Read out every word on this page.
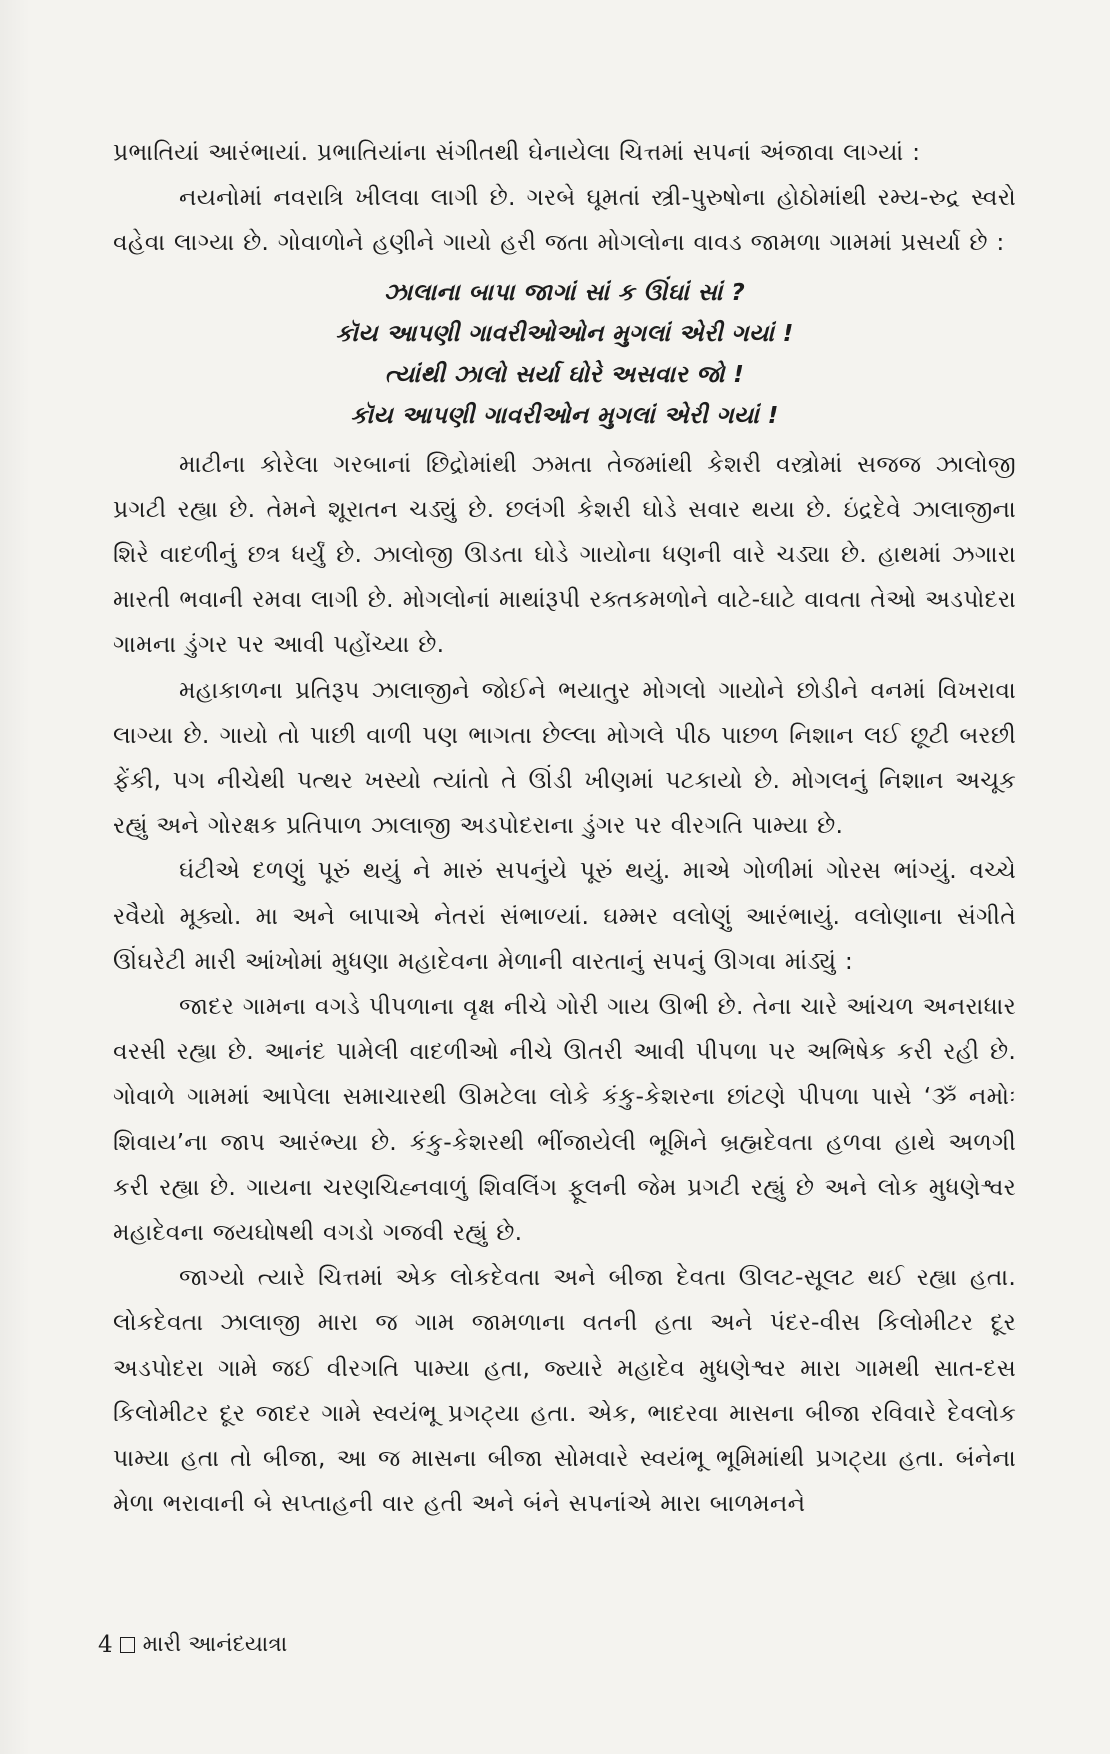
પ્રભાતિયાં આરંભાયાં. પ્રભાતિયાંના સંગીતથી ઘેનાયેલા ચિત્તમાં સપનાં અંજાવા લાગ્યાં :

નયનોમાં નવરાત્રિ ખીલવા લાગી છે. ગરબે ઘૂમતાં સ્ત્રી-પુરુષોના હોઠોમાંથી રમ્ય-રુદ્ર સ્વરો વહેવા લાગ્યા છે. ગોવાળોને હણીને ગાયો હરી જતા મોગલોના વાવડ જામળા ગામમાં પ્રસર્યા છે :

ઝાલાના બાપા જાગાં સાં ક ઊંઘાં સાં ?
કૉય આપણી ગાવરીઓઓન મુગલાં એરી ગયાં !
ત્યાંથી ઝાલો સર્યા ઘોરે અસવાર જો !
કૉય આપણી ગાવરીઓન મુગલાં એરી ગયાં !

માટીના કોરેલા ગરબાનાં છિદ્રોમાંથી ઝમતા તેજમાંથી કેશરી વસ્ત્રોમાં સજજ ઝાલોજી પ્રગટી રહ્યા છે. તેમને શૂરાતન ચડ્યું છે. છલંગી કેશરી ઘોડે સવાર થયા છે. ઇંદ્રદેવે ઝાલાજીના શિરે વાદળીનું છત્ર ધર્યું છે. ઝાલોજી ઊડતા ઘોડે ગાયોના ધણની વારે ચડ્યા છે. હાથમાં ઝગારા મારતી ભવાની રમવા લાગી છે. મોગલોનાં માથાંરૂપી રક્તકમળોને વાટે-ઘાટે વાવતા તેઓ અડપોદરા ગામના ડુંગર પર આવી પહોંચ્યા છે.

મહાકાળના પ્રતિરૂપ ઝાલાજીને જોઈને ભયાતુર મોગલો ગાયોને છોડીને વનમાં વિખરાવા લાગ્યા છે. ગાયો તો પાછી વાળી પણ ભાગતા છેલ્લા મોગલે પીઠ પાછળ નિશાન લઈ છૂટી બરછી ફેંકી, પગ નીચેથી પત્થર ખસ્યો ત્યાંતો તે ઊંડી ખીણમાં પટકાયો છે. મોગલનું નિશાન અચૂક રહ્યું અને ગોરક્ષક પ્રતિપાળ ઝાલાજી અડપોદરાના ડુંગર પર વીરગતિ પામ્યા છે.

ઘંટીએ દળણું પૂરું થયું ને મારું સપનુંયે પૂરું થયું. માએ ગોળીમાં ગોરસ ભાંગ્યું. વચ્ચે રવૈયો મૂક્યો. મા અને બાપાએ નેતરાં સંભાળ્યાં. ઘમ્મર વલોણું આરંભાયું. વલોણાના સંગીતે ઊંઘરેટી મારી આંખોમાં મુધણા મહાદેવના મેળાની વારતાનું સપનું ઊગવા માંડ્યું :

જાદર ગામના વગડે પીપળાના વૃક્ષ નીચે ગોરી ગાય ઊભી છે. તેના ચારે આંચળ અનરાધાર વરસી રહ્યા છે. આનંદ પામેલી વાદળીઓ નીચે ઊતરી આવી પીપળા પર અભિષેક કરી રહી છે. ગોવાળે ગામમાં આપેલા સમાચારથી ઊમટેલા લોકે કંકુ-કેશરના છાંટણે પીપળા પાસે ‘ૐ નમોઃ શિવાય’ના જાપ આરંભ્યા છે. કંકુ-કેશરથી ભીંજાયેલી ભૂમિને બ્રહ્મદેવતા હળવા હાથે અળગી કરી રહ્યા છે. ગાયના ચરણચિહ્નવાળું શિવલિંગ ફૂલની જેમ પ્રગટી રહ્યું છે અને લોક મુધણેશ્વર મહાદેવના જયઘોષથી વગડો ગજવી રહ્યું છે.

જાગ્યો ત્યારે ચિત્તમાં એક લોકદેવતા અને બીજા દેવતા ઊલટ-સૂલટ થઈ રહ્યા હતા. લોકદેવતા ઝાલાજી મારા જ ગામ જામળાના વતની હતા અને પંદર-વીસ કિલોમીટર દૂર અડપોદરા ગામે જઈ વીરગતિ પામ્યા હતા, જ્યારે મહાદેવ મુધણેશ્વર મારા ગામથી સાત-દસ કિલોમીટર દૂર જાદર ગામે સ્વયંભૂ પ્રગટ્યા હતા. એક, ભાદરવા માસના બીજા રવિવારે દેવલોક પામ્યા હતા તો બીજા, આ જ માસના બીજા સોમવારે સ્વયંભૂ ભૂમિમાંથી પ્રગટ્યા હતા. બંનેના મેળા ભરાવાની બે સપ્તાહની વાર હતી અને બંને સપનાંએ મારા બાળમનને

4 મારી આનંદયાત્રા
